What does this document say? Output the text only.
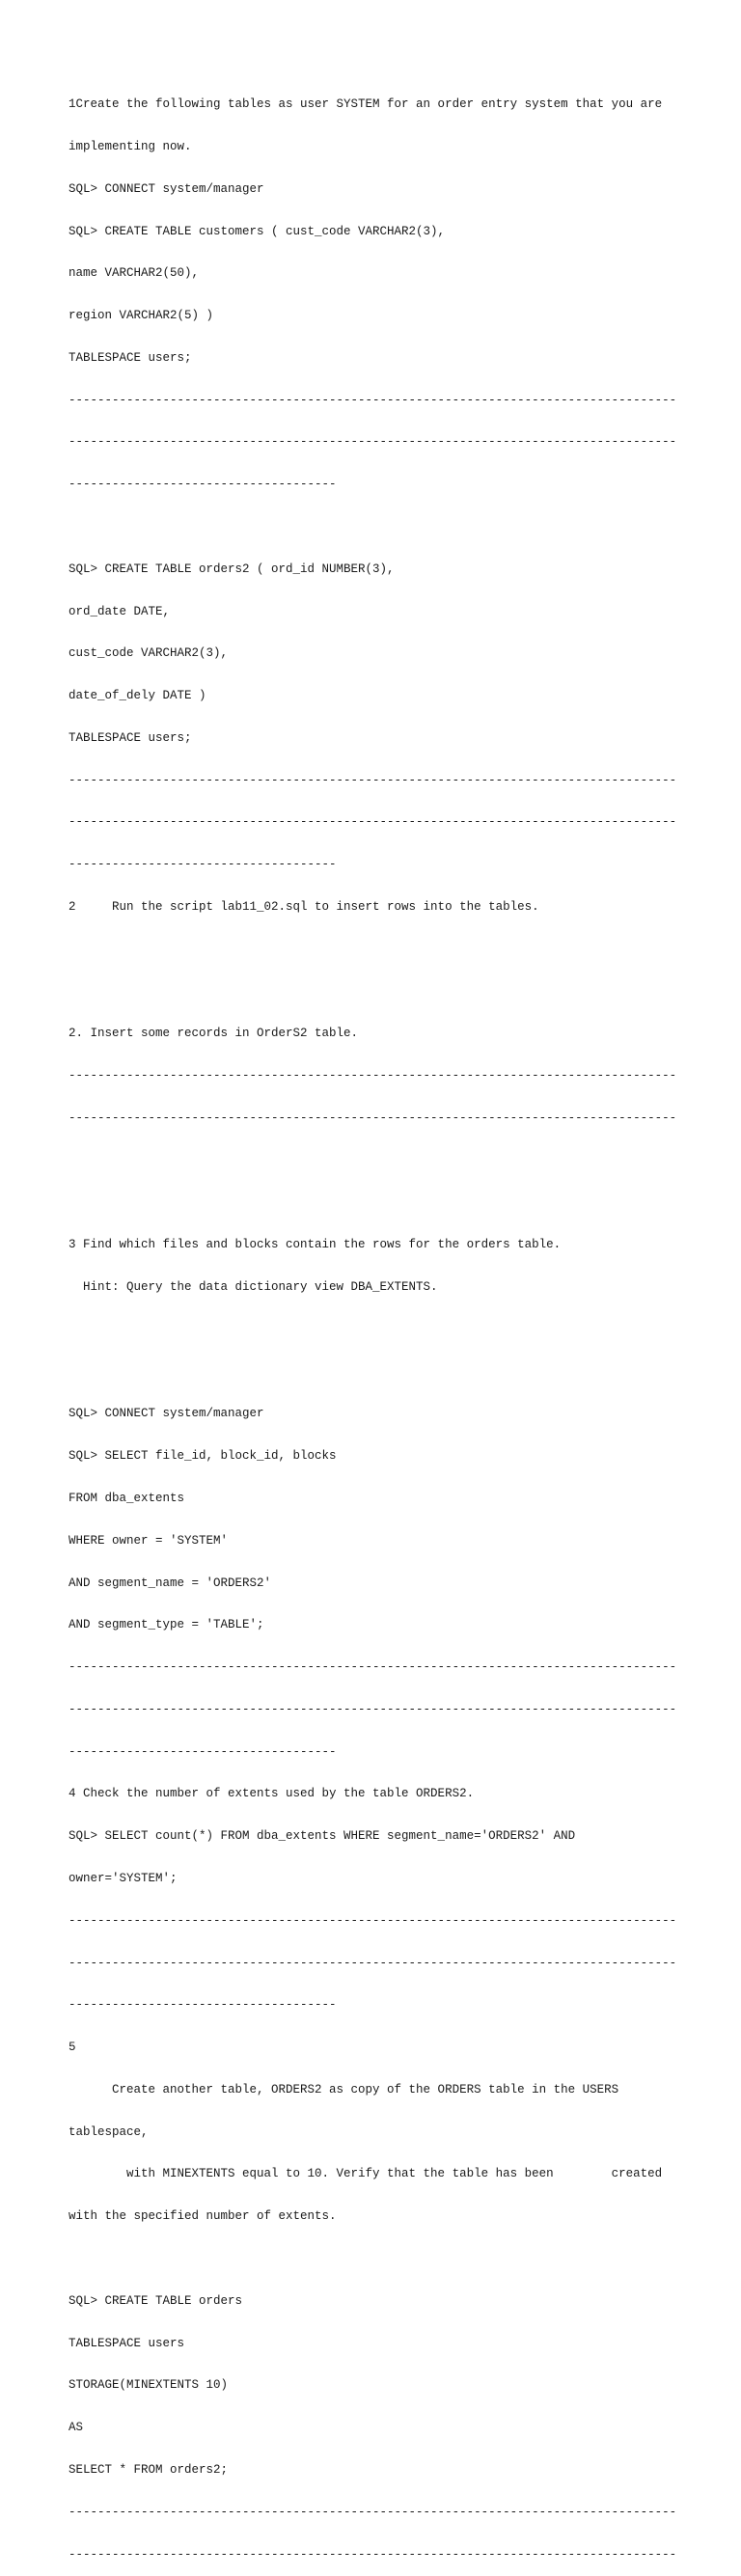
1Create the following tables as user SYSTEM for an order entry system that you are

implementing now.

SQL> CONNECT system/manager

SQL> CREATE TABLE customers ( cust_code VARCHAR2(3),

name VARCHAR2(50),

region VARCHAR2(5) )

TABLESPACE users;

------------------------------------------------------------------------------------

------------------------------------------------------------------------------------

-------------------------------------

SQL> CREATE TABLE orders2 ( ord_id NUMBER(3),

ord_date DATE,

cust_code VARCHAR2(3),

date_of_dely DATE )

TABLESPACE users;

------------------------------------------------------------------------------------

------------------------------------------------------------------------------------

-------------------------------------

2     Run the script lab11_02.sql to insert rows into the tables.

2. Insert some records in OrderS2 table.

------------------------------------------------------------------------------------

------------------------------------------------------------------------------------

3 Find which files and blocks contain the rows for the orders table.

Hint: Query the data dictionary view DBA_EXTENTS.

SQL> CONNECT system/manager

SQL> SELECT file_id, block_id, blocks

FROM dba_extents

WHERE owner = 'SYSTEM'

AND segment_name = 'ORDERS2'

AND segment_type = 'TABLE';

------------------------------------------------------------------------------------

------------------------------------------------------------------------------------

-------------------------------------

4 Check the number of extents used by the table ORDERS2.

SQL> SELECT count(*) FROM dba_extents WHERE segment_name='ORDERS2' AND

owner='SYSTEM';

------------------------------------------------------------------------------------

------------------------------------------------------------------------------------

-------------------------------------

5

Create another table, ORDERS2 as copy of the ORDERS table in the USERS

tablespace,

with MINEXTENTS equal to 10. Verify that the table has been        created

with the specified number of extents.

SQL> CREATE TABLE orders

TABLESPACE users

STORAGE(MINEXTENTS 10)

AS

SELECT * FROM orders2;

------------------------------------------------------------------------------------

------------------------------------------------------------------------------------
